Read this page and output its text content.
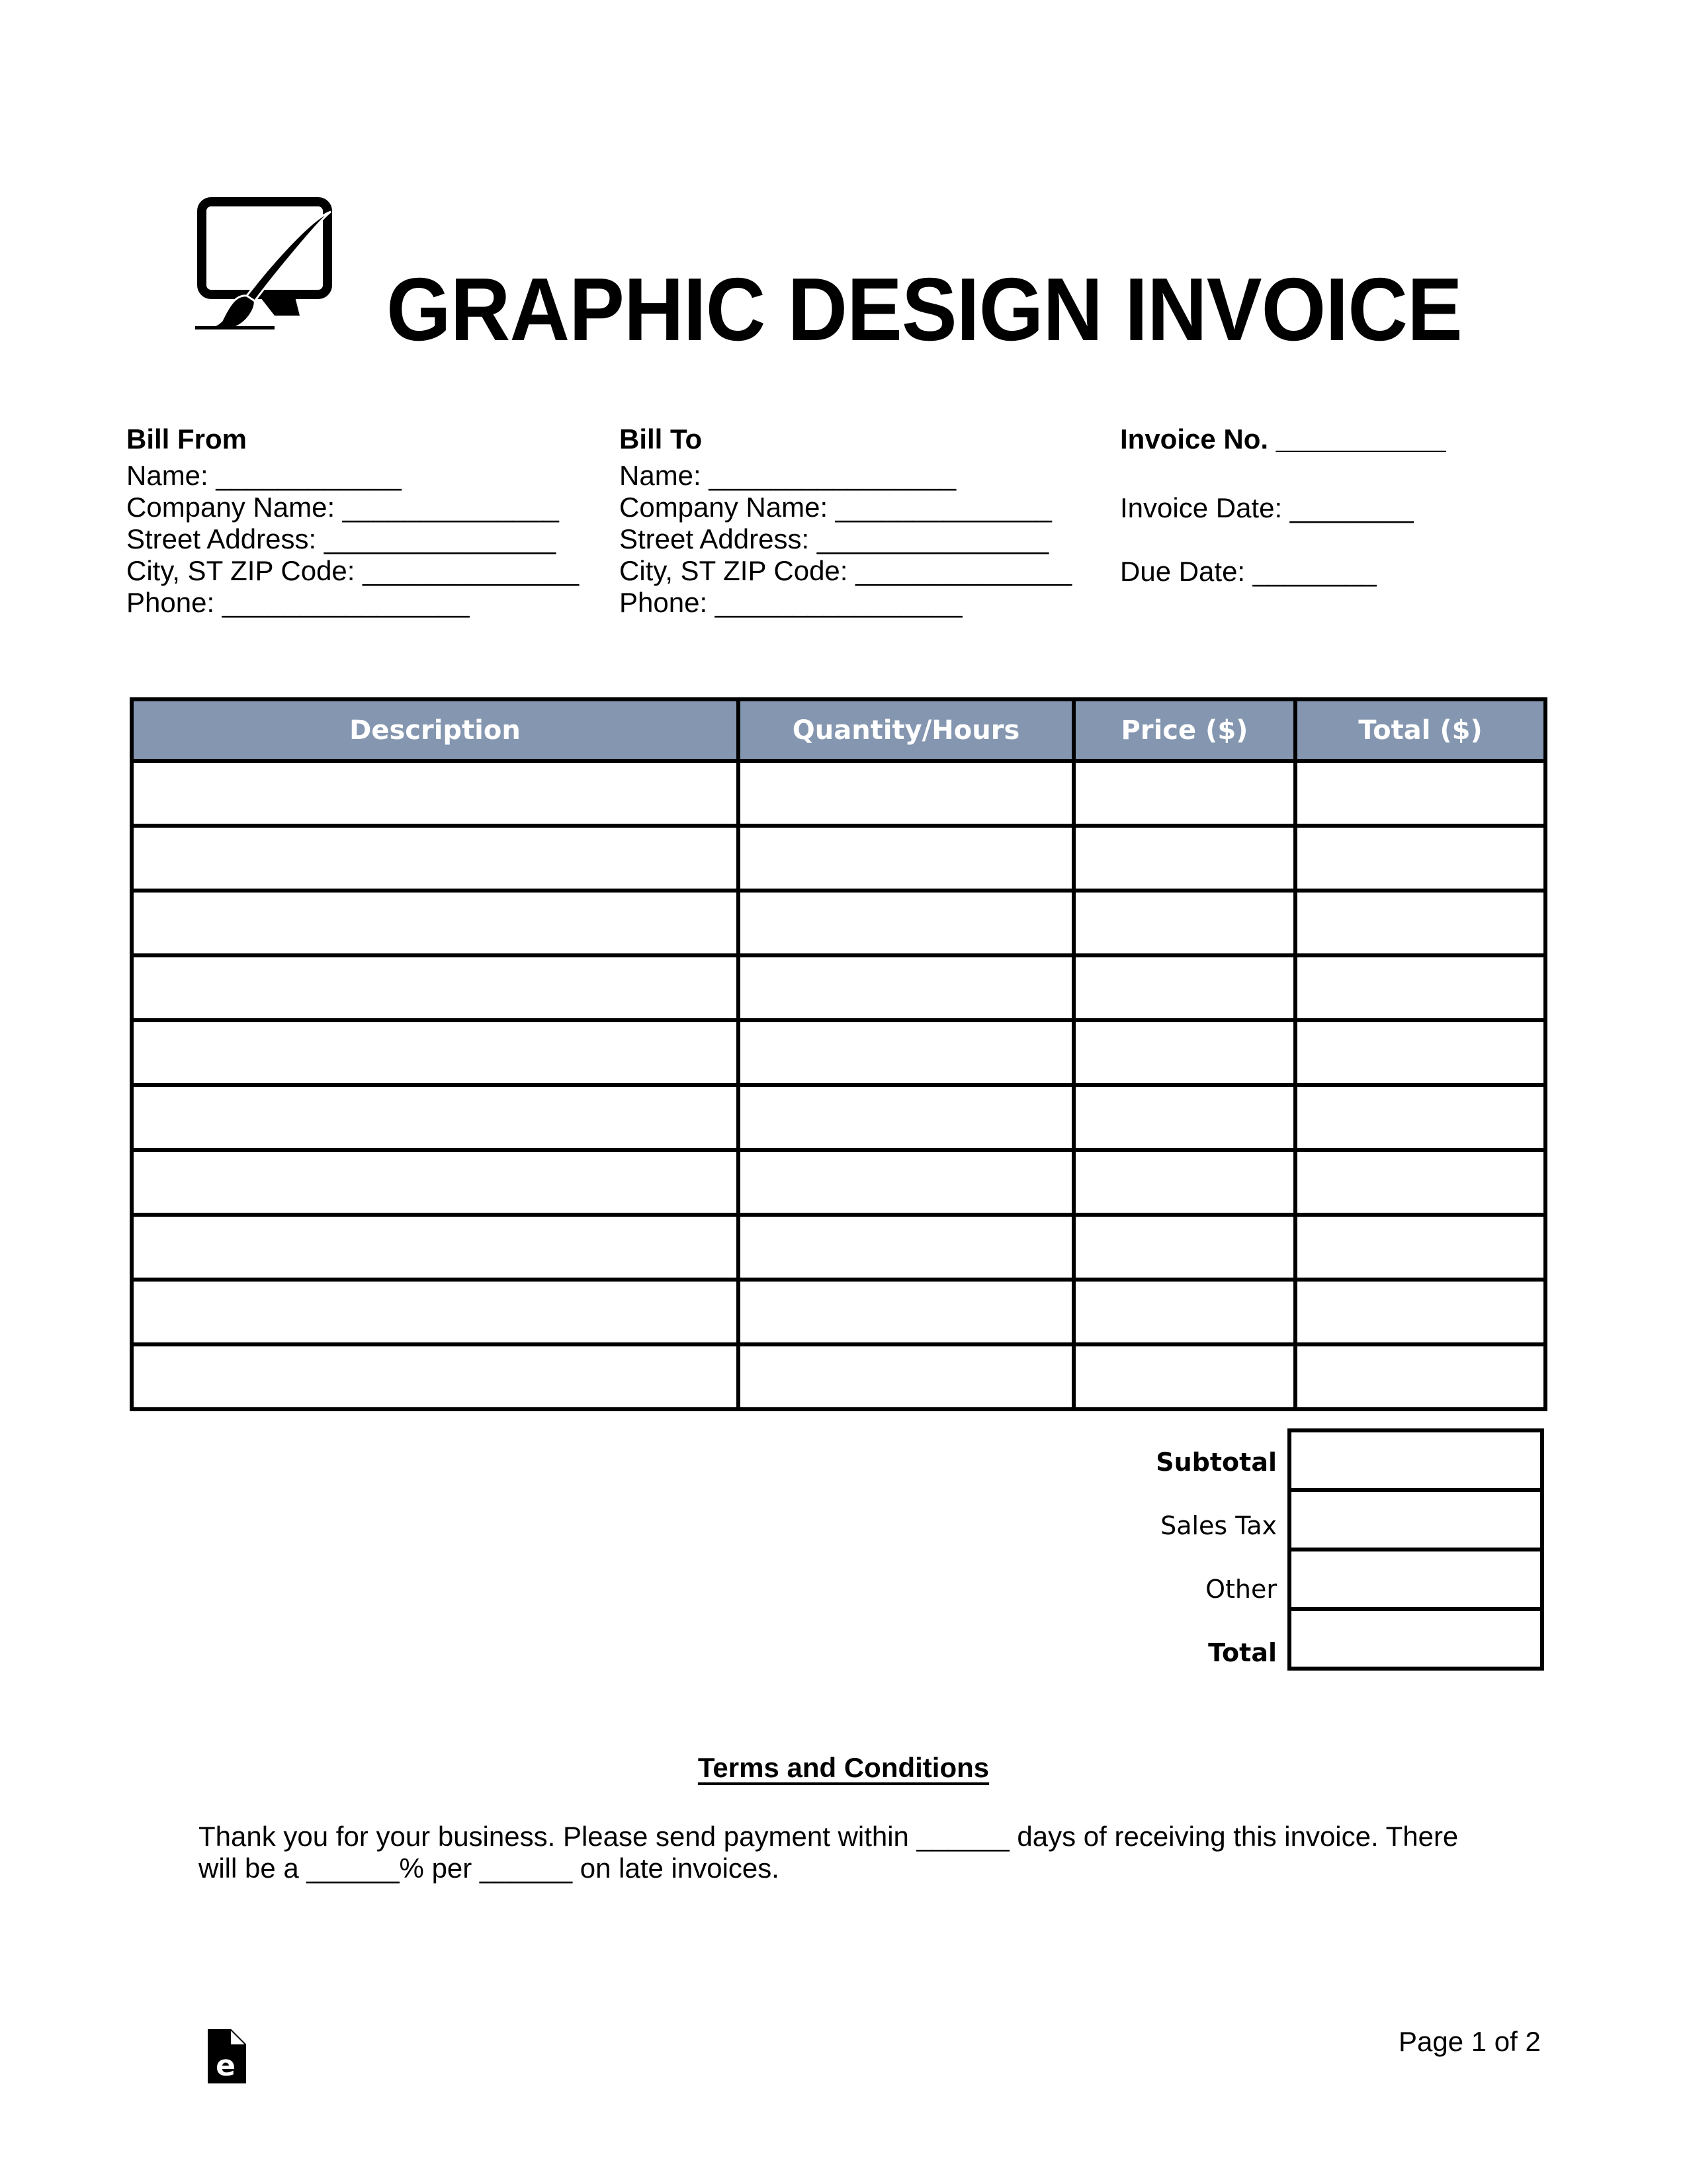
GRAPHIC DESIGN INVOICE
Bill From
Name: ____________
Company Name: ______________
Street Address: _______________
City, ST ZIP Code: ______________
Phone: ________________
Bill To
Name: ________________
Company Name: ______________
Street Address: _______________
City, ST ZIP Code: ______________
Phone: ________________
Invoice No. ___________
Invoice Date: ________
Due Date: ________
Description	Quantity/Hours	Price ($)	Total ($)

Subtotal
Sales Tax
Other
Total

Terms and Conditions
Thank you for your business. Please send payment within ______ days of receiving this invoice. There will be a ______% per ______ on late invoices.
e
Page 1 of 2
